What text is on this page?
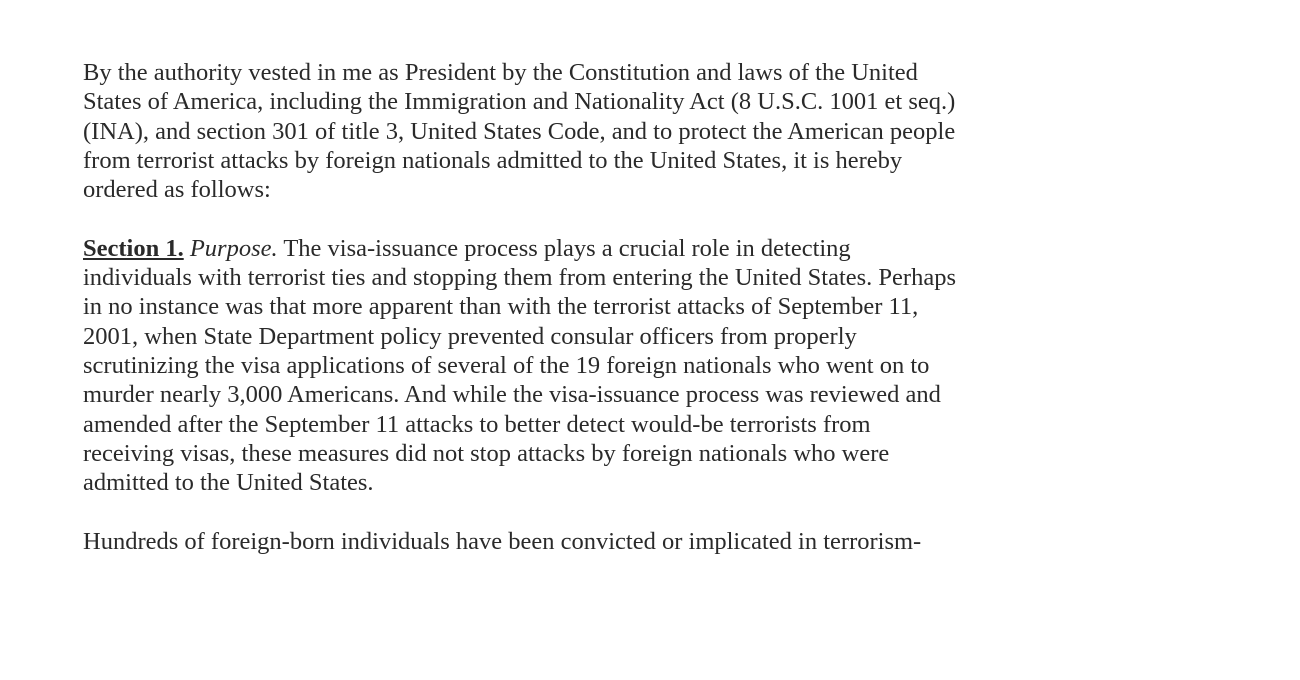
By the authority vested in me as President by the Constitution and laws of the United
States of America, including the Immigration and Nationality Act (8 U.S.C. 1001 et seq.)
(INA), and section 301 of title 3, United States Code, and to protect the American people
from terrorist attacks by foreign nationals admitted to the United States, it is hereby
ordered as follows:
Section 1. Purpose. The visa-issuance process plays a crucial role in detecting
individuals with terrorist ties and stopping them from entering the United States. Perhaps
in no instance was that more apparent than with the terrorist attacks of September 11,
2001, when State Department policy prevented consular officers from properly
scrutinizing the visa applications of several of the 19 foreign nationals who went on to
murder nearly 3,000 Americans. And while the visa-issuance process was reviewed and
amended after the September 11 attacks to better detect would-be terrorists from
receiving visas, these measures did not stop attacks by foreign nationals who were
admitted to the United States.
Hundreds of foreign-born individuals have been convicted or implicated in terrorism-
